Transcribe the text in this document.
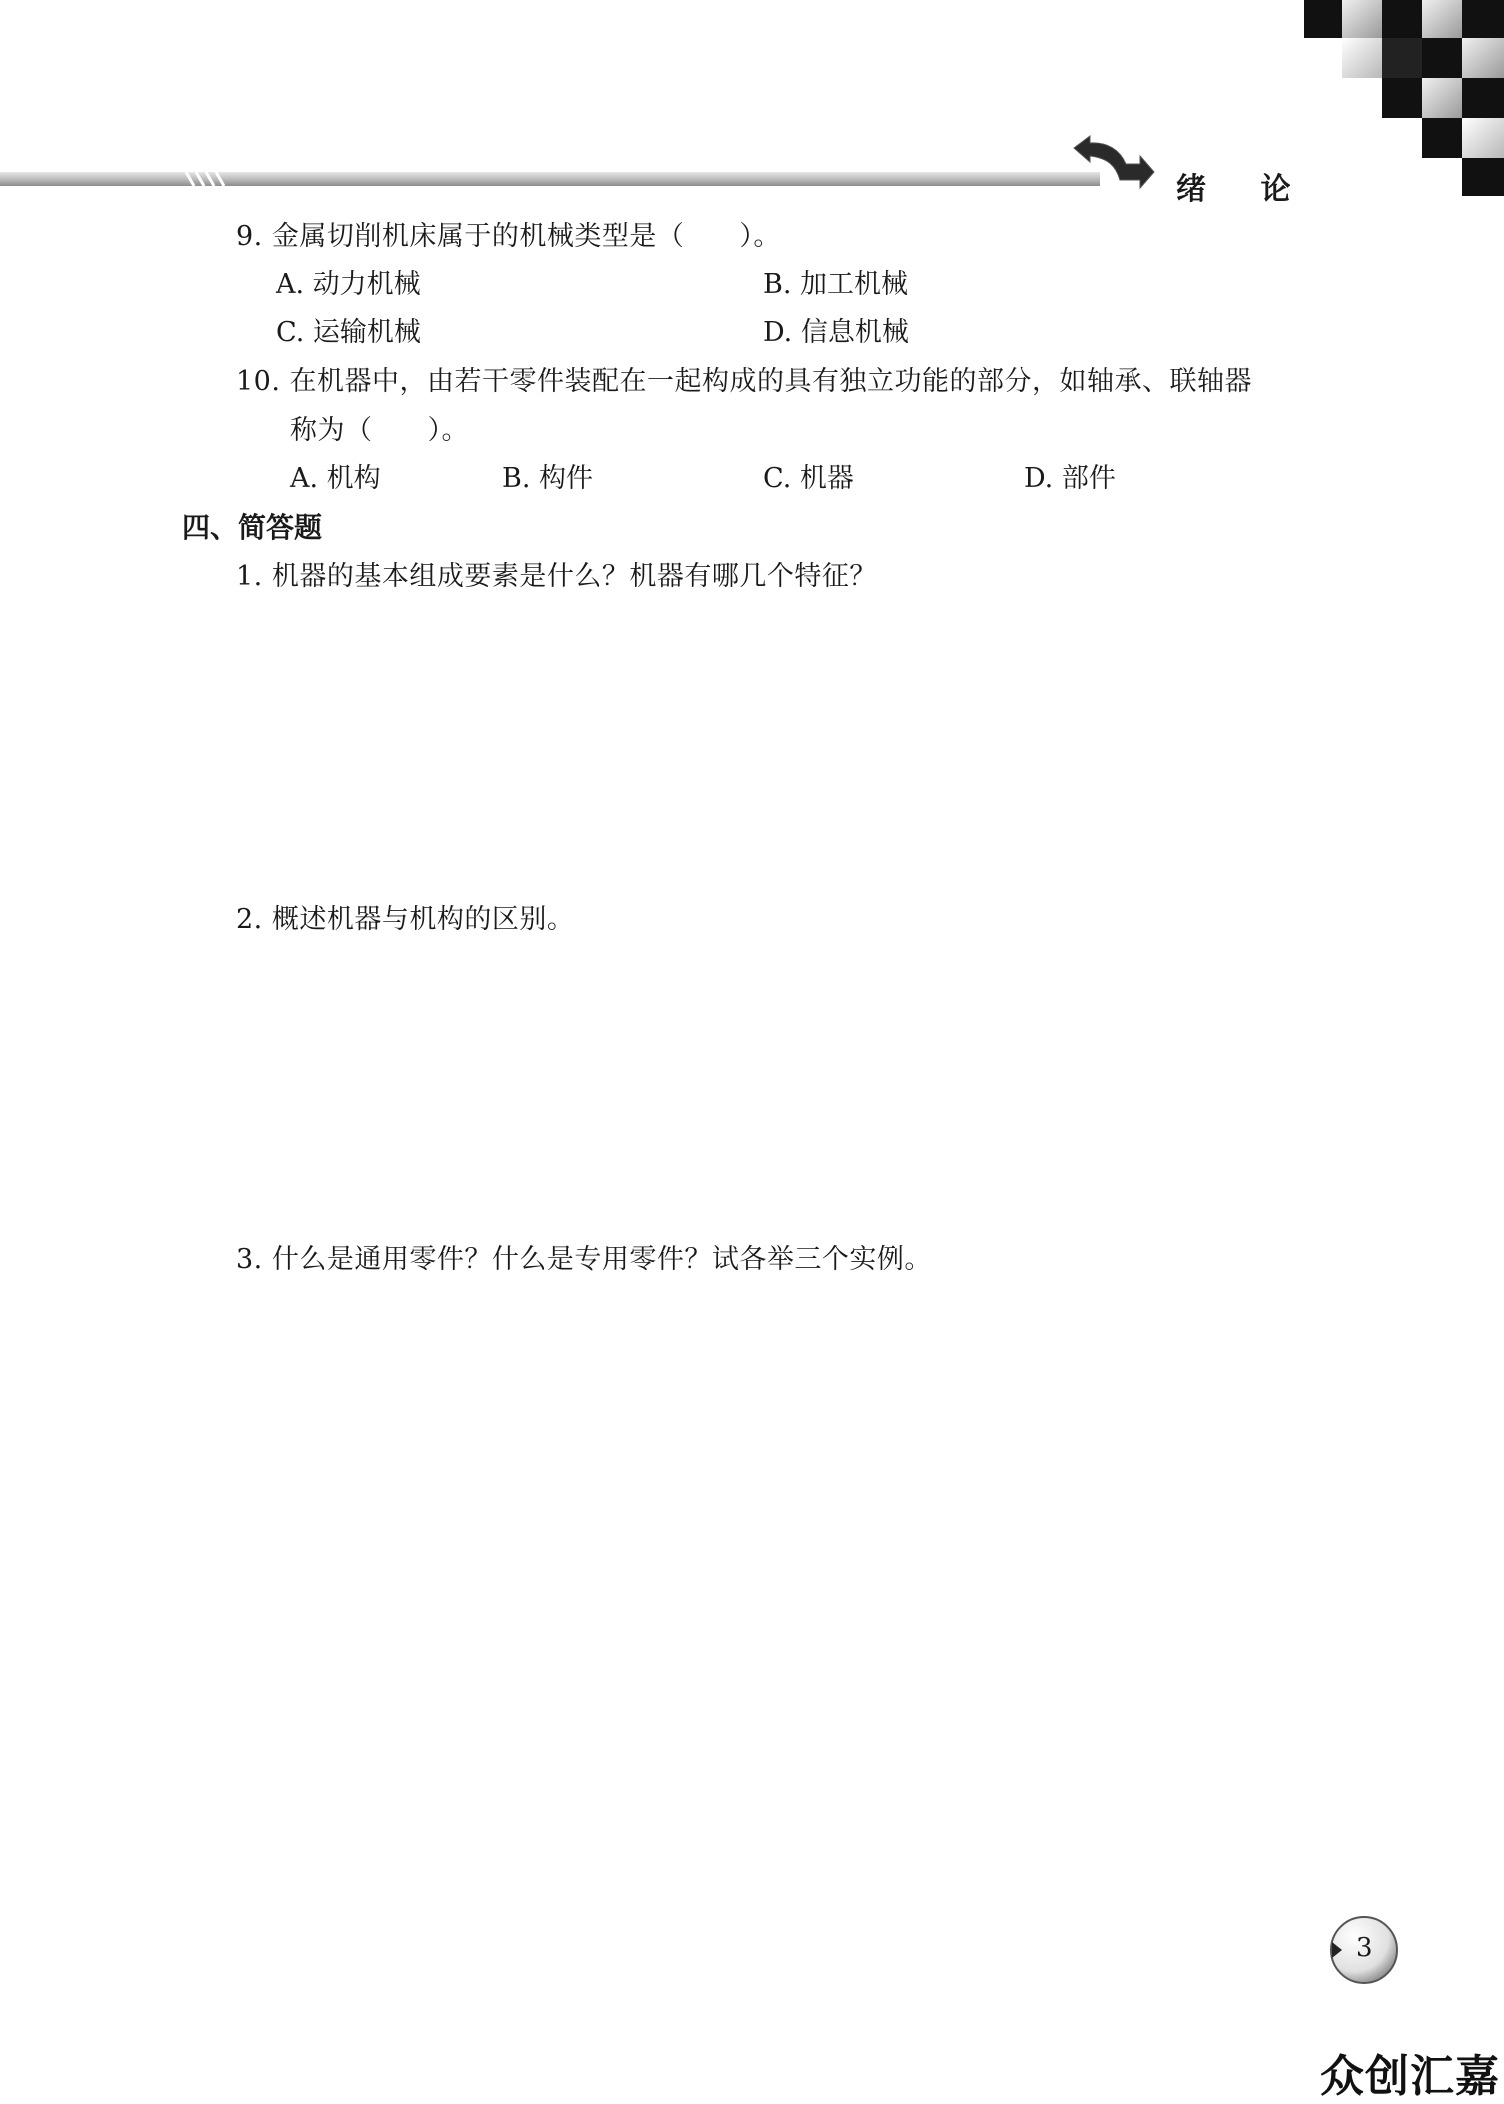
绪 论
9. 金属切削机床属于的机械类型是（　　）。
A. 动力机械	B. 加工机械
C. 运输机械	D. 信息机械
10. 在机器中，由若干零件装配在一起构成的具有独立功能的部分，如轴承、联轴器
称为（　　）。
A. 机构	B. 构件	C. 机器	D. 部件
四、简答题
1. 机器的基本组成要素是什么？机器有哪几个特征？
2. 概述机器与机构的区别。
3. 什么是通用零件？什么是专用零件？试各举三个实例。
3
众创汇嘉
